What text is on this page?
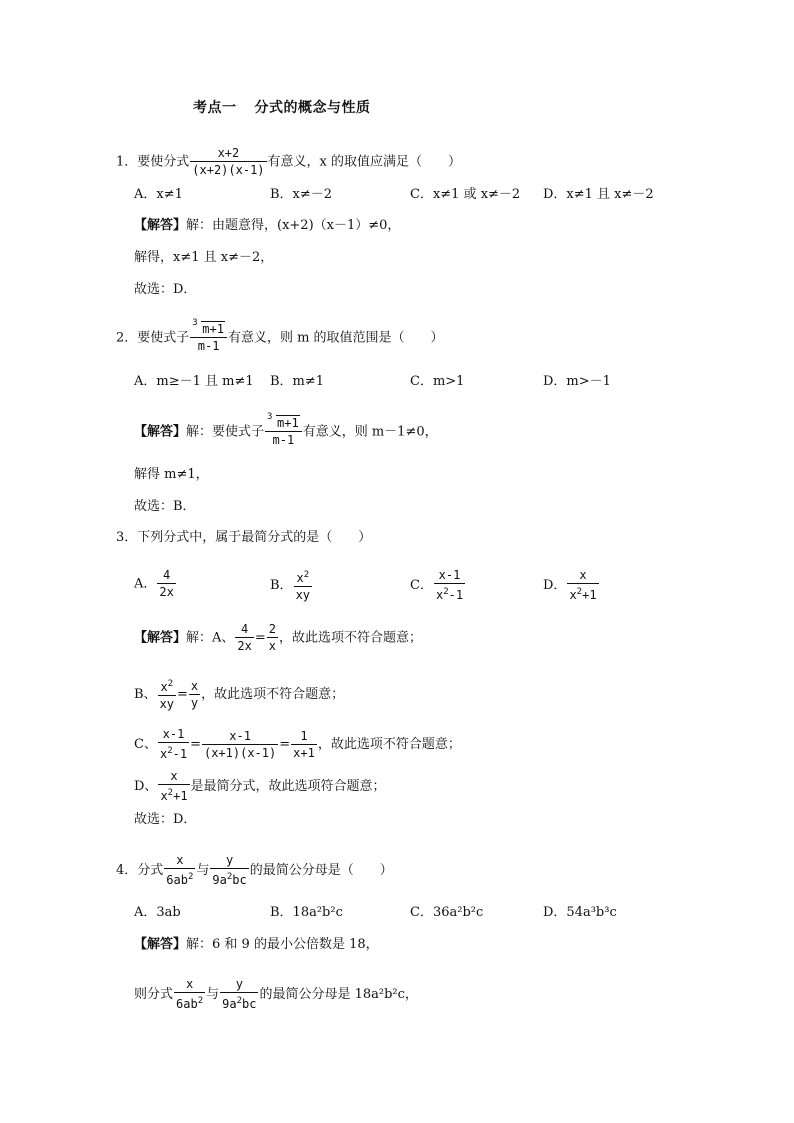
考点一 分式的概念与性质
1．要使分式 $\frac{x+2}{(x+2)(x-1)}$ 有意义，x 的取值应满足（　　）
A．x≠1	B．x≠－2	C．x≠1 或 x≠－2 D．x≠1 且 x≠－2
【解答】解：由题意得，(x+2)（x－1）≠0，
解得，x≠1 且 x≠－2，
故选：D．
2．要使式子 $\frac{3 m+1}{m-1}$ 有意义，则 m 的取值范围是（　　）
A．m≥－1 且 m≠1 B．m≠1	C．m>1	D．m>－1
【解答】解：要使式子 $\frac{3 m+1}{m-1}$ 有意义，则 m－1≠0，
解得 m≠1，
故选：B．
3．下列分式中，属于最简分式的是（　　）
A． $\frac{4}{2x}$	B． $\frac{x^2}{xy}$	C． $\frac{x-1}{x^2-1}$	D． $\frac{x}{x^2+1}$
【解答】解：A、 $\frac{4}{2x} = \frac{2}{x}$ ，故此选项不符合题意；
B、 $\frac{x^2}{xy} = \frac{x}{y}$ ，故此选项不符合题意；
C、 $\frac{x-1}{x^2-1} = \frac{x-1}{(x+1)(x-1)} = \frac{1}{x+1}$ ，故此选项不符合题意；
D、 $\frac{x}{x^2+1}$ 是最简分式，故此选项符合题意；
故选：D．
4．分式 $\frac{x}{6ab^2}$ 与 $\frac{y}{9a^2bc}$ 的最简公分母是（　　）
A．3ab	B．18a²b²c	C．36a²b²c	D．54a³b³c
【解答】解：6 和 9 的最小公倍数是 18，
则分式 $\frac{x}{6ab^2}$ 与 $\frac{y}{9a^2bc}$ 的最简公分母是 18a²b²c，
